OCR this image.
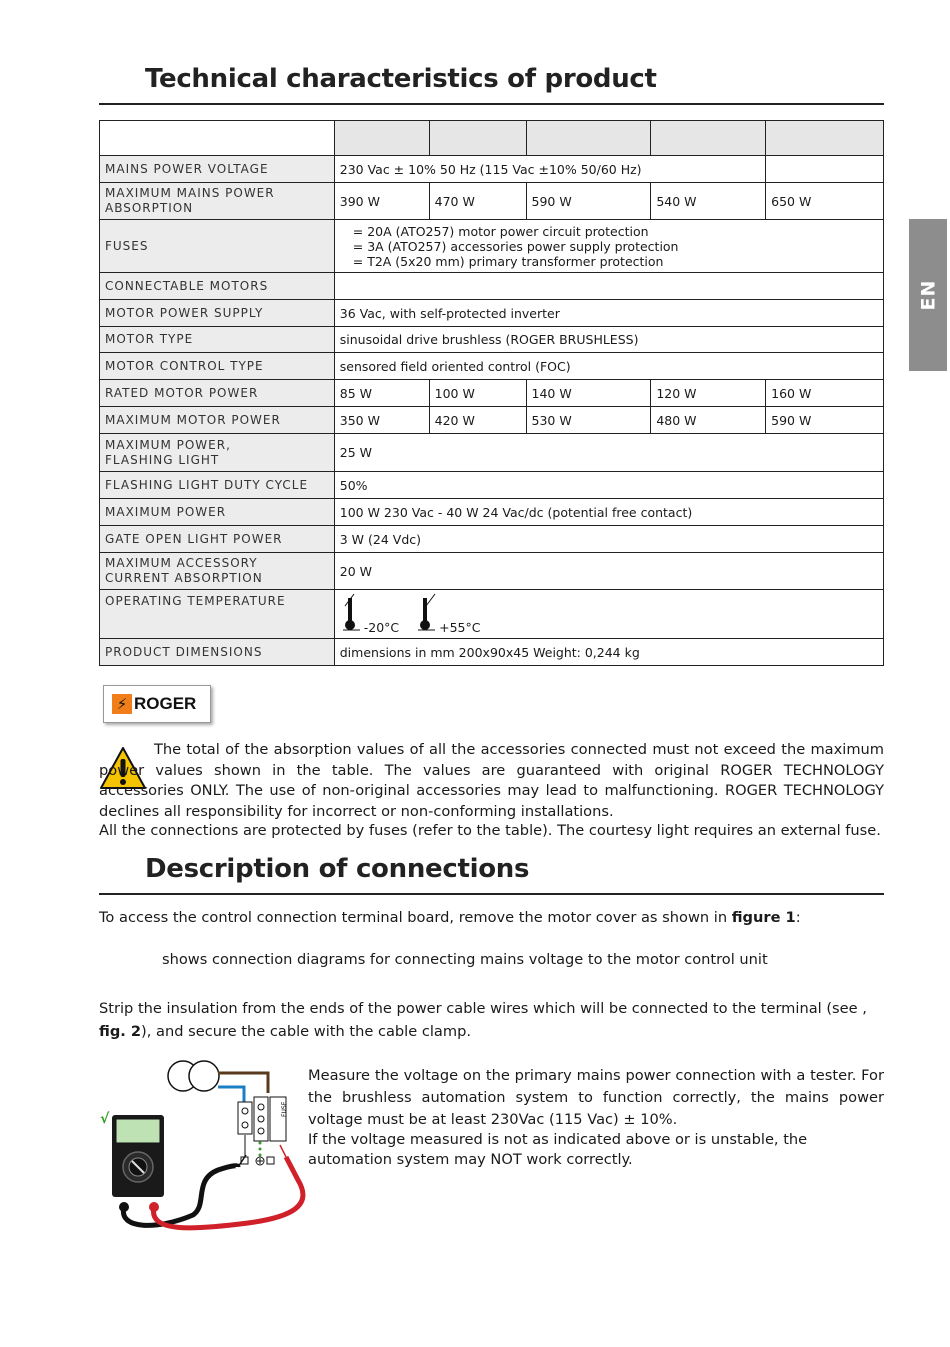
EN
Technical characteristics of product

MAINS POWER VOLTAGE	230 Vac ± 10% 50 Hz (115 Vac ±10% 50/60 Hz)				
MAXIMUM MAINS POWER ABSORPTION	390 W	470 W	590 W	540 W	650 W
FUSES	= 20A (ATO257) motor power circuit protection
= 3A (ATO257) accessories power supply protection
= T2A (5x20 mm) primary transformer protection				

CONNECTABLE MOTORS					
MOTOR POWER SUPPLY	36 Vac, with self-protected inverter				
MOTOR TYPE	sinusoidal drive brushless (ROGER BRUSHLESS)				
MOTOR CONTROL TYPE	sensored field oriented control (FOC)				
RATED MOTOR POWER	85 W	100 W	140 W	120 W	160 W
MAXIMUM MOTOR POWER	350 W	420 W	530 W	480 W	590 W

MAXIMUM POWER,
FLASHING LIGHT	25 W				
FLASHING LIGHT DUTY CYCLE	50%				
MAXIMUM POWER	100 W 230 Vac - 40 W 24 Vac/dc (potential free contact)				
GATE OPEN LIGHT POWER	3 W (24 Vdc)				

MAXIMUM ACCESSORY
CURRENT ABSORPTION	20 W				
OPERATING TEMPERATURE	-20°C +55°C				
PRODUCT DIMENSIONS	dimensions in mm 200x90x45 Weight: 0,244 kg				
⚡ ROGER
The total of the absorption values of all the accessories connected must not exceed the maximum power values shown in the table. The values are guaranteed with original ROGER TECHNOLOGY accessories ONLY. The use of non-original accessories may lead to malfunctioning. ROGER TECHNOLOGY declines all responsibility for incorrect or non-conforming installations.
All the connections are protected by fuses (refer to the table). The courtesy light requires an external fuse.
Description of connections
To access the control connection terminal board, remove the motor cover as shown in figure 1:
shows connection diagrams for connecting mains voltage to the motor control unit
Strip the insulation from the ends of the power cable wires which will be connected to the terminal (see ,
fig. 2), and secure the cable with the cable clamp.
Measure the voltage on the primary mains power connection with a tester. For the brushless automation system to function correctly, the mains power voltage must be at least 230Vac (115 Vac) ± 10%.
If the voltage measured is not as indicated above or is unstable, the automation system may NOT work correctly.
FUSE
√
